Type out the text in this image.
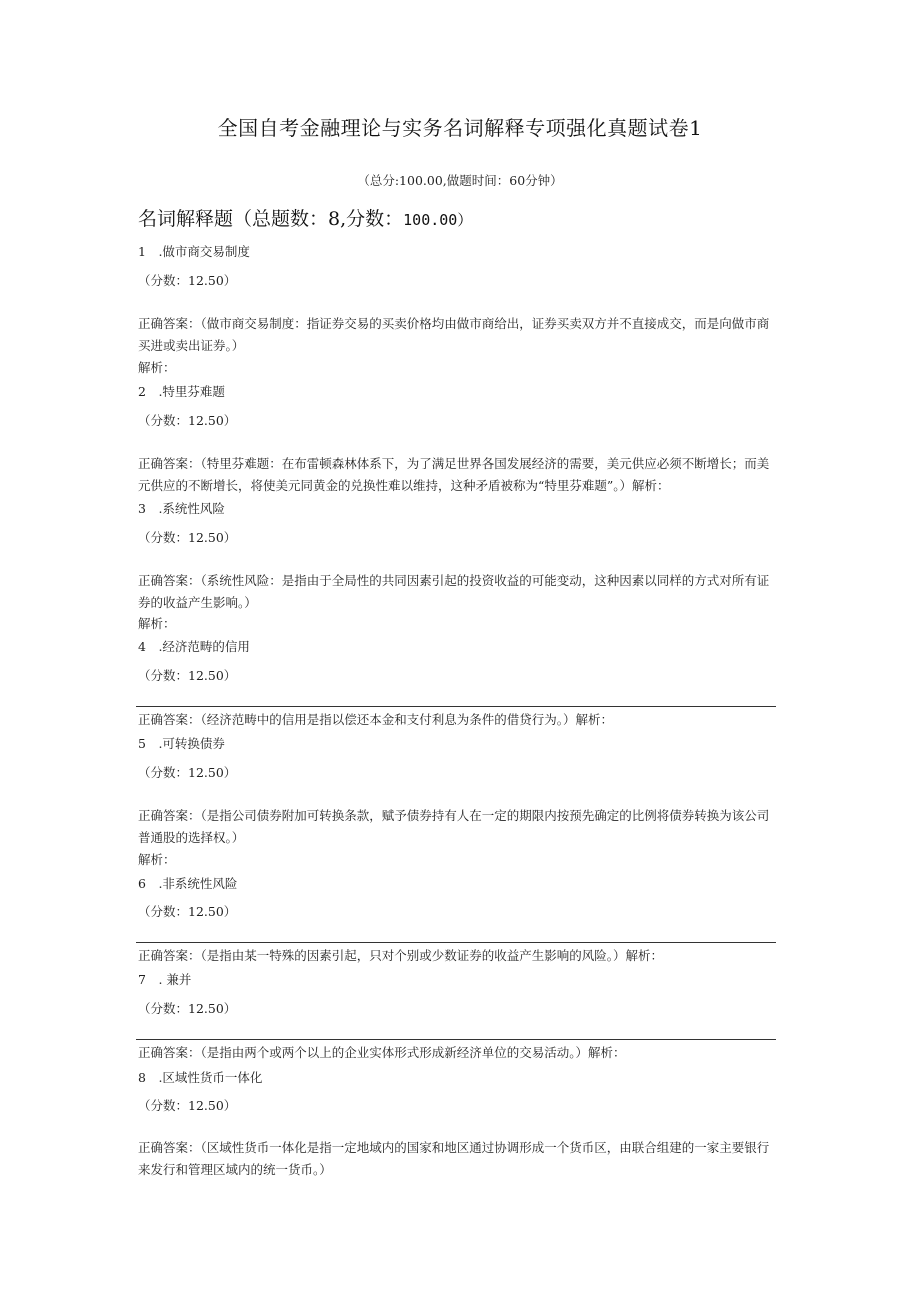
全国自考金融理论与实务名词解释专项强化真题试卷1
（总分:100.00,做题时间：60分钟）
名词解释题（总题数：8,分数：100.00）
1　.做市商交易制度
（分数：12.50）
正确答案：（做市商交易制度：指证券交易的买卖价格均由做市商给出，证券买卖双方并不直接成交，而是向做市商买进或卖出证券。）
解析：
2　.特里芬难题
（分数：12.50）
正确答案：（特里芬难题：在布雷顿森林体系下，为了满足世界各国发展经济的需要，美元供应必须不断增长；而美元供应的不断增长，将使美元同黄金的兑换性难以维持，这种矛盾被称为“特里芬难题”。）解析：
3　.系统性风险
（分数：12.50）
正确答案：（系统性风险：是指由于全局性的共同因素引起的投资收益的可能变动，这种因素以同样的方式对所有证券的收益产生影响。）
解析：
4　.经济范畴的信用
（分数：12.50）
正确答案：（经济范畴中的信用是指以偿还本金和支付利息为条件的借贷行为。）解析：
5　.可转换债券
（分数：12.50）
正确答案：（是指公司债券附加可转换条款，赋予债券持有人在一定的期限内按预先确定的比例将债券转换为该公司普通股的选择权。）
解析：
6　.非系统性风险
（分数：12.50）
正确答案：（是指由某一特殊的因素引起，只对个别或少数证券的收益产生影响的风险。）解析：
7　. 兼并
（分数：12.50）
正确答案：（是指由两个或两个以上的企业实体形式形成新经济单位的交易活动。）解析：
8　.区域性货币一体化
（分数：12.50）
正确答案：（区域性货币一体化是指一定地域内的国家和地区通过协调形成一个货币区，由联合组建的一家主要银行来发行和管理区域内的统一货币。）
